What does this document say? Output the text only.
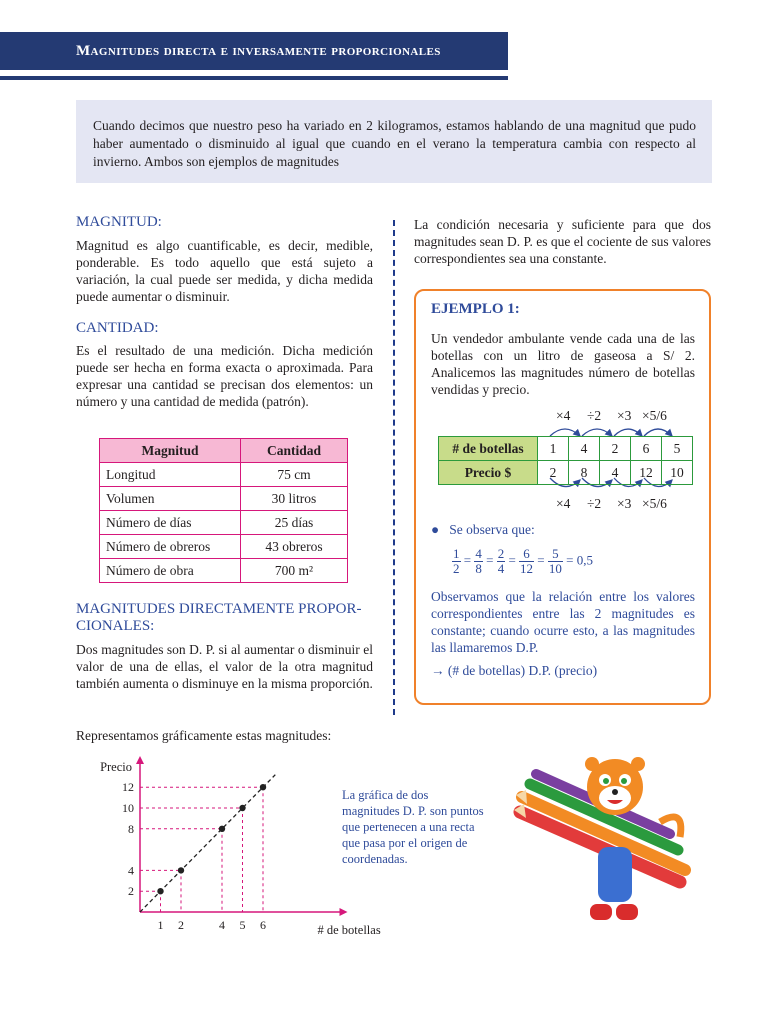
Magnitudes directa e inversamente proporcionales
Cuando decimos que nuestro peso ha variado en 2 kilogramos, estamos hablando de una magnitud que pudo haber aumentado o disminuido al igual que cuando en el verano la temperatura cambia con respecto al invierno. Ambos son ejemplos de magnitudes
MAGNITUD:
Magnitud es algo cuantificable, es decir, medible, ponderable. Es todo aquello que está sujeto a variación, la cual puede ser medida, y dicha medida puede aumentar o disminuir.
CANTIDAD:
Es el resultado de una medición. Dicha medición puede ser hecha en forma exacta o aproximada. Para expresar una cantidad se precisan dos elementos: un número y una cantidad de medida (patrón).
Magnitud	Cantidad
Longitud	75 cm
Volumen	30 litros
Número de días	25 días
Número de obreros	43 obreros
Número de obra	700 m²
MAGNITUDES DIRECTAMENTE PROPOR-
CIONALES:
Dos magnitudes son D. P. si al aumentar o disminuir el valor de una de ellas, el valor de la otra magnitud también aumenta o disminuye en la misma proporción.
Representamos gráficamente estas magnitudes:
La condición necesaria y suficiente para que dos magnitudes sean D. P. es que el cociente de sus valores correspondientes sea una constante.
EJEMPLO 1:
Un vendedor ambulante vende cada una de las botellas con un litro de gaseosa a S/ 2. Analicemos las magnitudes número de botellas vendidas y precio.
×4 ÷2 ×3 ×5/6
# de botellas	1	4	2	6	5
Precio $	2	8	4	12	10
×4 ÷2 ×3 ×5/6
● Se observa que:
$\frac{1}{2} = \frac{4}{8} = \frac{2}{4} = \frac{6}{12} = \frac{5}{10} = 0,5$
Observamos que la relación entre los valores correspondientes entre las 2 magnitudes es constante; cuando ocurre esto, a las magnitudes las llamaremos D.P.
→ (# de botellas) D.P. (precio)
1 2	4 5 6
2
4
8
10
12
Precio
# de botellas
La gráfica de dos magnitudes D. P. son puntos que pertenecen a una recta que pasa por el origen de coordenadas.
